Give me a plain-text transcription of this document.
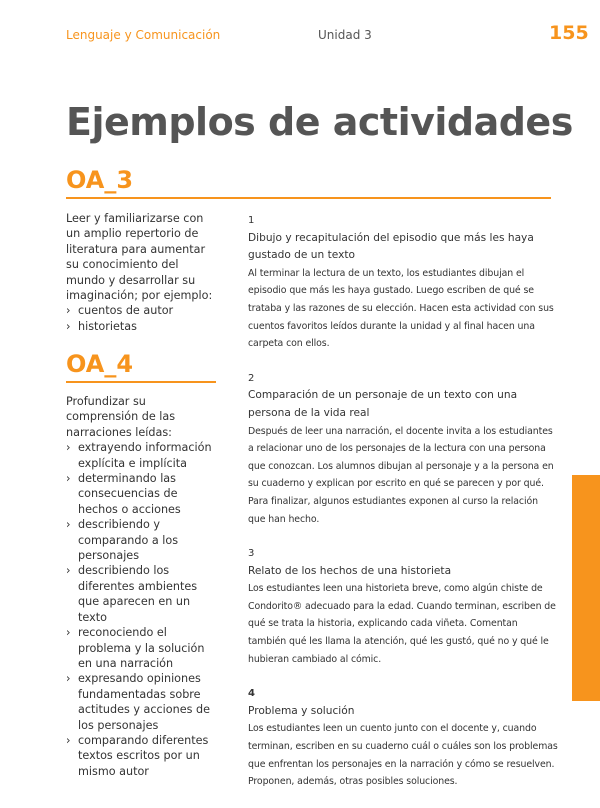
Lenguaje y Comunicación	Unidad 3	155
Ejemplos de actividades
OA_3
Leer y familiarizarse con un amplio repertorio de literatura para aumentar su conocimiento del mundo y desarrollar su imaginación; por ejemplo:
› cuentos de autor
› historietas
OA_4
Profundizar su comprensión de las narraciones leídas:
› extrayendo información explícita e implícita
› determinando las consecuencias de hechos o acciones
› describiendo y comparando a los personajes
› describiendo los diferentes ambientes que aparecen en un texto
› reconociendo el problema y la solución en una narración
› expresando opiniones fundamentadas sobre actitudes y acciones de los personajes
› comparando diferentes textos escritos por un mismo autor
1
Dibujo y recapitulación del episodio que más les haya gustado de un texto
Al terminar la lectura de un texto, los estudiantes dibujan el episodio que más les haya gustado. Luego escriben de qué se trataba y las razones de su elección. Hacen esta actividad con sus cuentos favoritos leídos durante la unidad y al final hacen una carpeta con ellos.
2
Comparación de un personaje de un texto con una persona de la vida real
Después de leer una narración, el docente invita a los estudiantes a relacionar uno de los personajes de la lectura con una persona que conozcan. Los alumnos dibujan al personaje y a la persona en su cuaderno y explican por escrito en qué se parecen y por qué. Para finalizar, algunos estudiantes exponen al curso la relación que han hecho.
3
Relato de los hechos de una historieta
Los estudiantes leen una historieta breve, como algún chiste de Condorito® adecuado para la edad. Cuando terminan, escriben de qué se trata la historia, explicando cada viñeta. Comentan también qué les llama la atención, qué les gustó, qué no y qué le hubieran cambiado al cómic.
4
Problema y solución
Los estudiantes leen un cuento junto con el docente y, cuando terminan, escriben en su cuaderno cuál o cuáles son los problemas que enfrentan los personajes en la narración y cómo se resuelven. Proponen, además, otras posibles soluciones.
